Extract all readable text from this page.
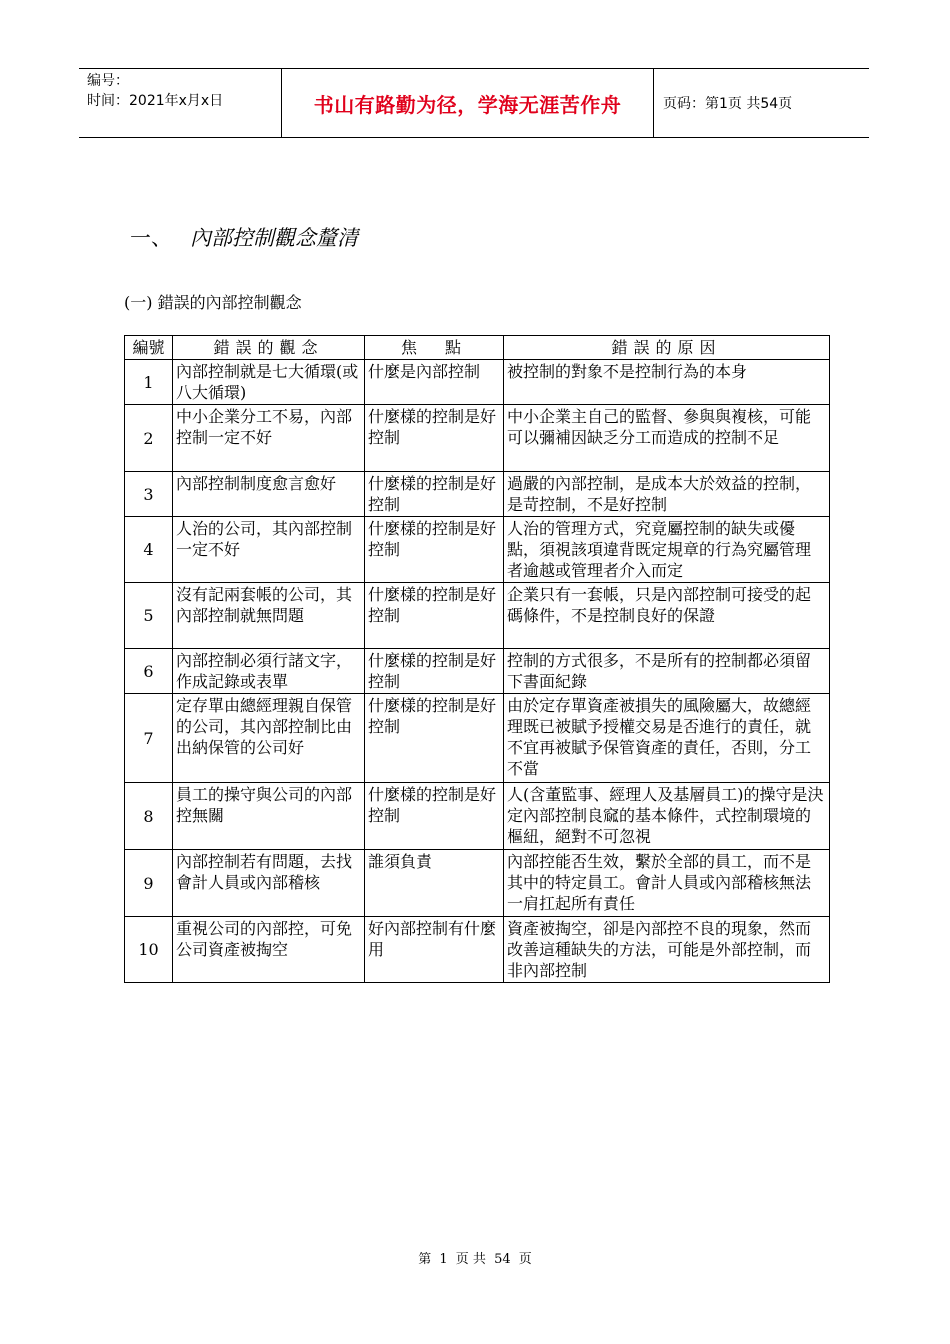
编号：
时间：2021年x月x日	书山有路勤为径，学海无涯苦作舟	页码：第1页 共54页
一、 內部控制觀念釐清
(一) 錯誤的內部控制觀念
編號	錯誤的觀念	焦　點	錯誤的原因
1	內部控制就是七大循環(或八大循環)	什麼是內部控制	被控制的對象不是控制行為的本身
2	中小企業分工不易，內部控制一定不好	什麼樣的控制是好控制	中小企業主自己的監督、參與與複核，可能可以彌補因缺乏分工而造成的控制不足
3	內部控制制度愈言愈好	什麼樣的控制是好控制	過嚴的內部控制，是成本大於效益的控制，是苛控制，不是好控制
4	人治的公司，其內部控制一定不好	什麼樣的控制是好控制	人治的管理方式，究竟屬控制的缺失或優點，須視該項違背既定規章的行為究屬管理者逾越或管理者介入而定
5	沒有記兩套帳的公司，其內部控制就無問題	什麼樣的控制是好控制	企業只有一套帳，只是內部控制可接受的起碼條件，不是控制良好的保證
6	內部控制必須行諸文字，作成記錄或表單	什麼樣的控制是好控制	控制的方式很多，不是所有的控制都必須留下書面紀錄
7	定存單由總經理親自保管的公司，其內部控制比由出納保管的公司好	什麼樣的控制是好控制	由於定存單資產被損失的風險屬大，故總經理既已被賦予授權交易是否進行的責任，就不宜再被賦予保管資產的責任，否則，分工不當
8	員工的操守與公司的內部控無關	什麼樣的控制是好控制	人(含董監事、經理人及基層員工)的操守是決定內部控制良窳的基本條件，式控制環境的樞紐，絕對不可忽視
9	內部控制若有問題，去找會計人員或內部稽核	誰須負責	內部控能否生效，繫於全部的員工，而不是其中的特定員工。會計人員或內部稽核無法一肩扛起所有責任
10	重視公司的內部控，可免公司資產被掏空	好內部控制有什麼用	資產被掏空，卻是內部控不良的現象，然而改善這種缺失的方法，可能是外部控制，而非內部控制
第 1 页 共 54 页
